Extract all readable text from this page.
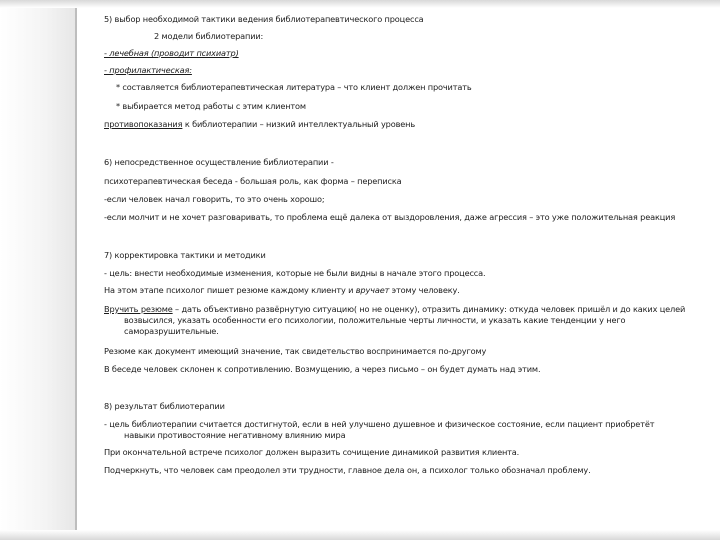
5) выбор необходимой тактики ведения библиотерапевтического процесса
2 модели библиотерапии:
- лечебная (проводит психиатр)
- профилактическая:
* составляется библиотерапевтическая литература – что клиент должен прочитать
* выбирается метод работы с этим клиентом
противопоказания к библиотерапии – низкий интеллектуальный уровень
6) непосредственное осуществление библиотерапии -
психотерапевтическая беседа - большая роль, как форма – переписка
-если человек начал говорить, то это очень хорошо;
-если молчит и не хочет разговаривать, то проблема ещё далека от выздоровления, даже агрессия – это уже положительная реакция
7) корректировка тактики и методики
- цель: внести необходимые изменения, которые не были видны в начале этого процесса.
На этом этапе психолог пишет резюме каждому клиенту и вручает этому человеку.
Вручить резюме – дать объективно развёрнутую ситуацию( но не оценку), отразить динамику: откуда человек пришёл и до каких целей
возвысился, указать особенности его психологии, положительные черты личности, и указать какие тенденции у него
саморазрушительные.
Резюме как документ имеющий значение, так свидетельство воспринимается по-другому
В беседе человек склонен к сопротивлению. Возмущению, а через письмо – он будет думать над этим.
8) результат библиотерапии
- цель библиотерапии считается достигнутой, если в ней улучшено душевное и физическое состояние, если пациент приобретёт
навыки противостояние негативному влиянию мира
При окончательной встрече психолог должен выразить сочищение динамикой развития клиента.
Подчеркнуть, что человек сам преодолел эти трудности, главное дела он, а психолог только обозначал проблему.
